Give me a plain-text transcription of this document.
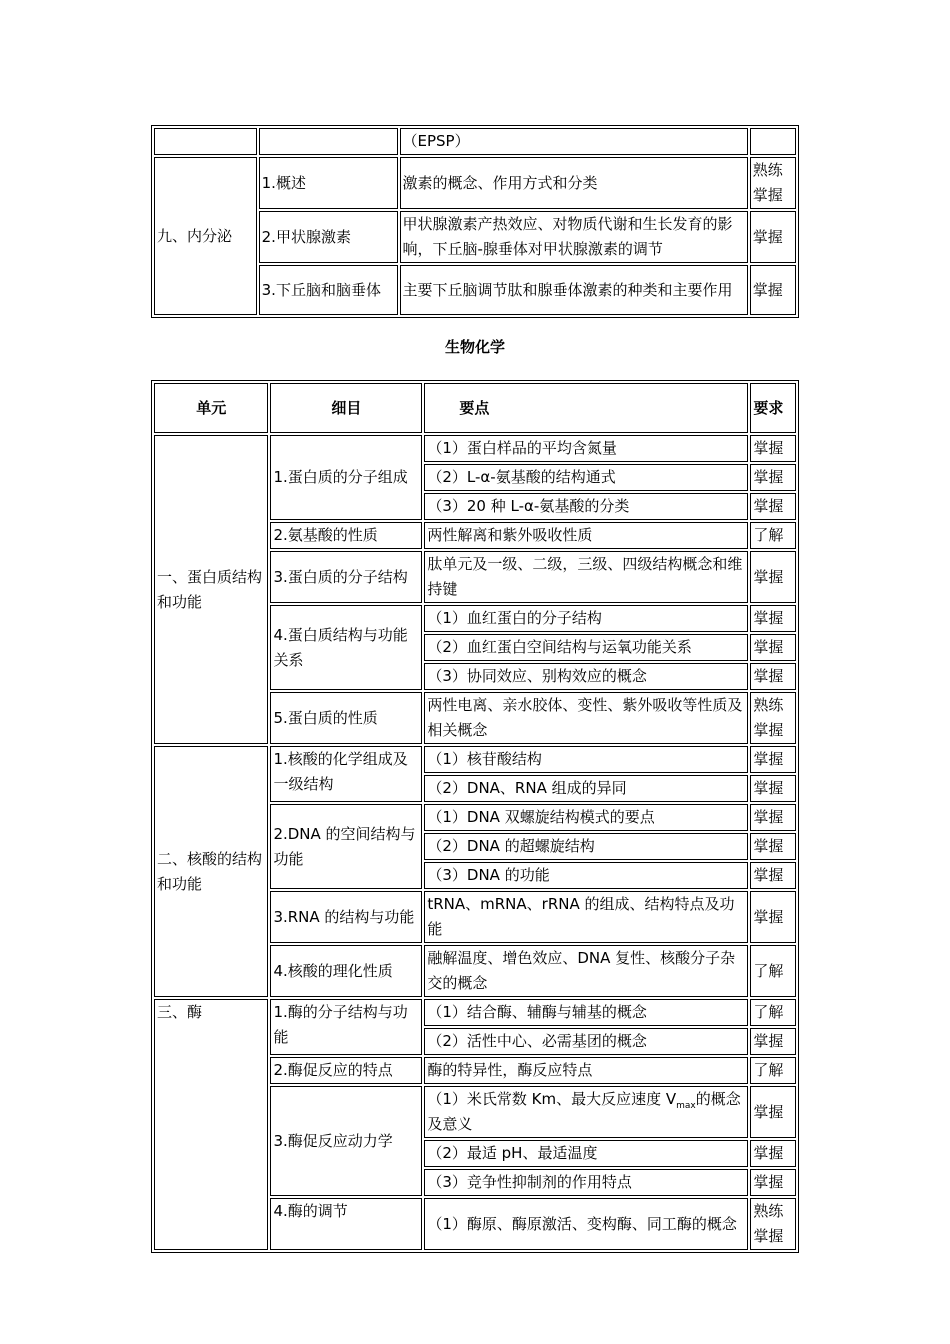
		（EPSP）	
九、内分泌	1.概述	激素的概念、作用方式和分类	熟练掌握
	2.甲状腺激素	甲状腺激素产热效应、对物质代谢和生长发育的影响，下丘脑-腺垂体对甲状腺激素的调节	掌握
	3.下丘脑和脑垂体	主要下丘脑调节肽和腺垂体激素的种类和主要作用	掌握
生物化学
单元	细目	要点	要求
一、蛋白质结构和功能	1.蛋白质的分子组成	（1）蛋白样品的平均含氮量	掌握
		（2）L-α-氨基酸的结构通式	掌握
		（3）20 种 L-α-氨基酸的分类	掌握
	2.氨基酸的性质	两性解离和紫外吸收性质	了解
	3.蛋白质的分子结构	肽单元及一级、二级，三级、四级结构概念和维持键	掌握
	4.蛋白质结构与功能关系	（1）血红蛋白的分子结构	掌握
		（2）血红蛋白空间结构与运氧功能关系	掌握
		（3）协同效应、别构效应的概念	掌握
	5.蛋白质的性质	两性电离、亲水胶体、变性、紫外吸收等性质及相关概念	熟练掌握
二、核酸的结构和功能	1.核酸的化学组成及一级结构	（1）核苷酸结构	掌握
		（2）DNA、RNA 组成的异同	掌握
	2.DNA 的空间结构与功能	（1）DNA 双螺旋结构模式的要点	掌握
		（2）DNA 的超螺旋结构	掌握
		（3）DNA 的功能	掌握
	3.RNA 的结构与功能	tRNA、mRNA、rRNA 的组成、结构特点及功能	掌握
	4.核酸的理化性质	融解温度、增色效应、DNA 复性、核酸分子杂交的概念	了解
三、酶	1.酶的分子结构与功能	（1）结合酶、辅酶与辅基的概念	了解
		（2）活性中心、必需基团的概念	掌握
	2.酶促反应的特点	酶的特异性，酶反应特点	了解
	3.酶促反应动力学	（1）米氏常数 Km、最大反应速度 $V_{max}$的概念及意义	掌握
		（2）最适 pH、最适温度	掌握
		（3）竞争性抑制剂的作用特点	掌握
	4.酶的调节	（1）酶原、酶原激活、变构酶、同工酶的概念	熟练掌握
